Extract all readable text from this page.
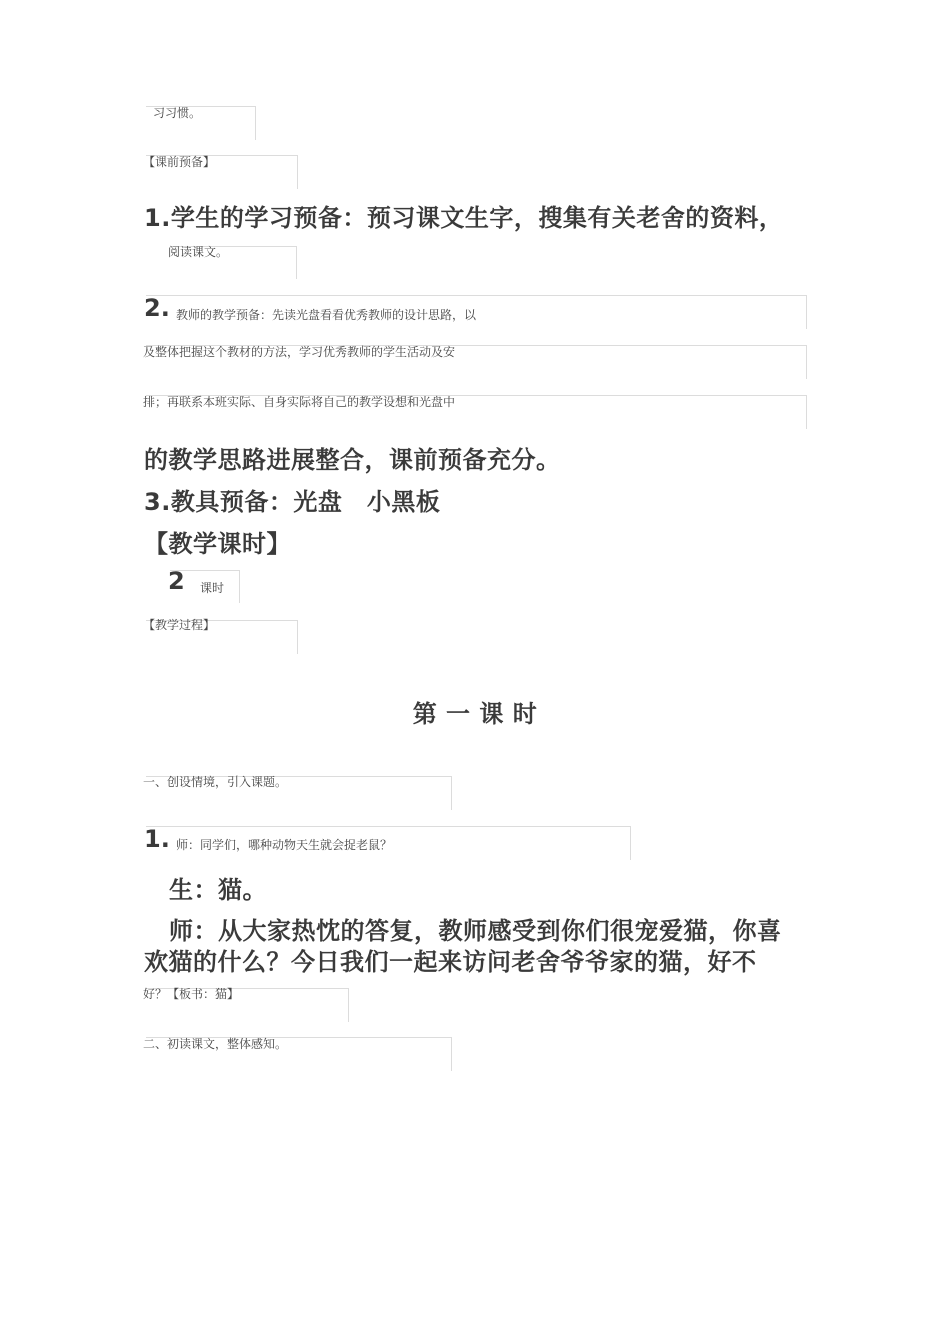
习习惯。
【课前预备】
1.学生的学习预备：预习课文生字，搜集有关老舍的资料，
阅读课文。
2. 教师的教学预备：先读光盘看看优秀教师的设计思路，以
及整体把握这个教材的方法，学习优秀教师的学生活动及安
排；再联系本班实际、自身实际将自己的教学设想和光盘中
的教学思路进展整合，课前预备充分。
3.教具预备：光盘　小黑板
【教学课时】
2 课时
【教学过程】
第 一 课 时
一、创设情境，引入课题。
1. 师：同学们，哪种动物天生就会捉老鼠？
生：猫。
师：从大家热忱的答复，教师感受到你们很宠爱猫，你喜
欢猫的什么？今日我们一起来访问老舍爷爷家的猫，好不
好？【板书：猫】
二、初读课文，整体感知。
